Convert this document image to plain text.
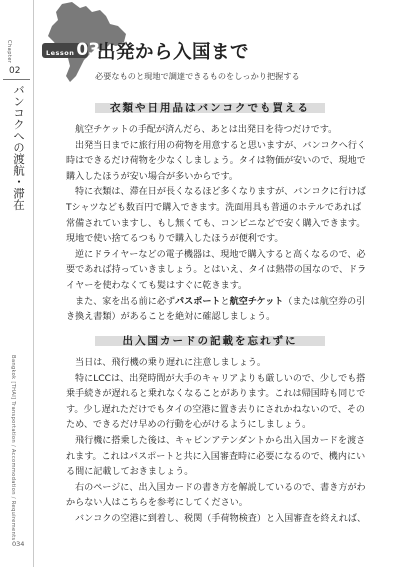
Chapter
02
バンコクへの渡航・滞在
Bangkok [THAI] Transportation / Accommodation / Requirements
034
Lesson 03
出発から入国まで
必要なものと現地で調達できるものをしっかり把握する
衣類や日用品はバンコクでも買える

航空チケットの手配が済んだら、あとは出発日を待つだけです。

出発当日までに旅行用の荷物を用意すると思いますが、バンコクへ行く時はできるだけ荷物を少なくしましょう。タイは物価が安いので、現地で購入したほうが安い場合が多いからです。

特に衣類は、滞在日が長くなるほど多くなりますが、バンコクに行けばTシャツなども数百円で購入できます。洗面用具も普通のホテルであれば常備されていますし、もし無くても、コンビニなどで安く購入できます。現地で使い捨てるつもりで購入したほうが便利です。

逆にドライヤーなどの電子機器は、現地で購入すると高くなるので、必要であれば持っていきましょう。とはいえ、タイは熱帯の国なので、ドライヤーを使わなくても髪はすぐに乾きます。

また、家を出る前に必ずパスポートと航空チケット（または航空券の引き換え書類）があることを絶対に確認しましょう。

出入国カードの記載を忘れずに

当日は、飛行機の乗り遅れに注意しましょう。

特にLCCは、出発時間が大手のキャリアよりも厳しいので、少しでも搭乗手続きが遅れると乗れなくなることがあります。これは帰国時も同じです。少し遅れただけでもタイの空港に置き去りにされかねないので、そのため、できるだけ早めの行動を心がけるようにしましょう。

飛行機に搭乗した後は、キャビンアテンダントから出入国カードを渡されます。これはパスポートと共に入国審査時に必要になるので、機内にいる間に記載しておきましょう。

右のページに、出入国カードの書き方を解説しているので、書き方がわからない人はこちらを参考にしてください。

バンコクの空港に到着し、税関（手荷物検査）と入国審査を終えれば、
